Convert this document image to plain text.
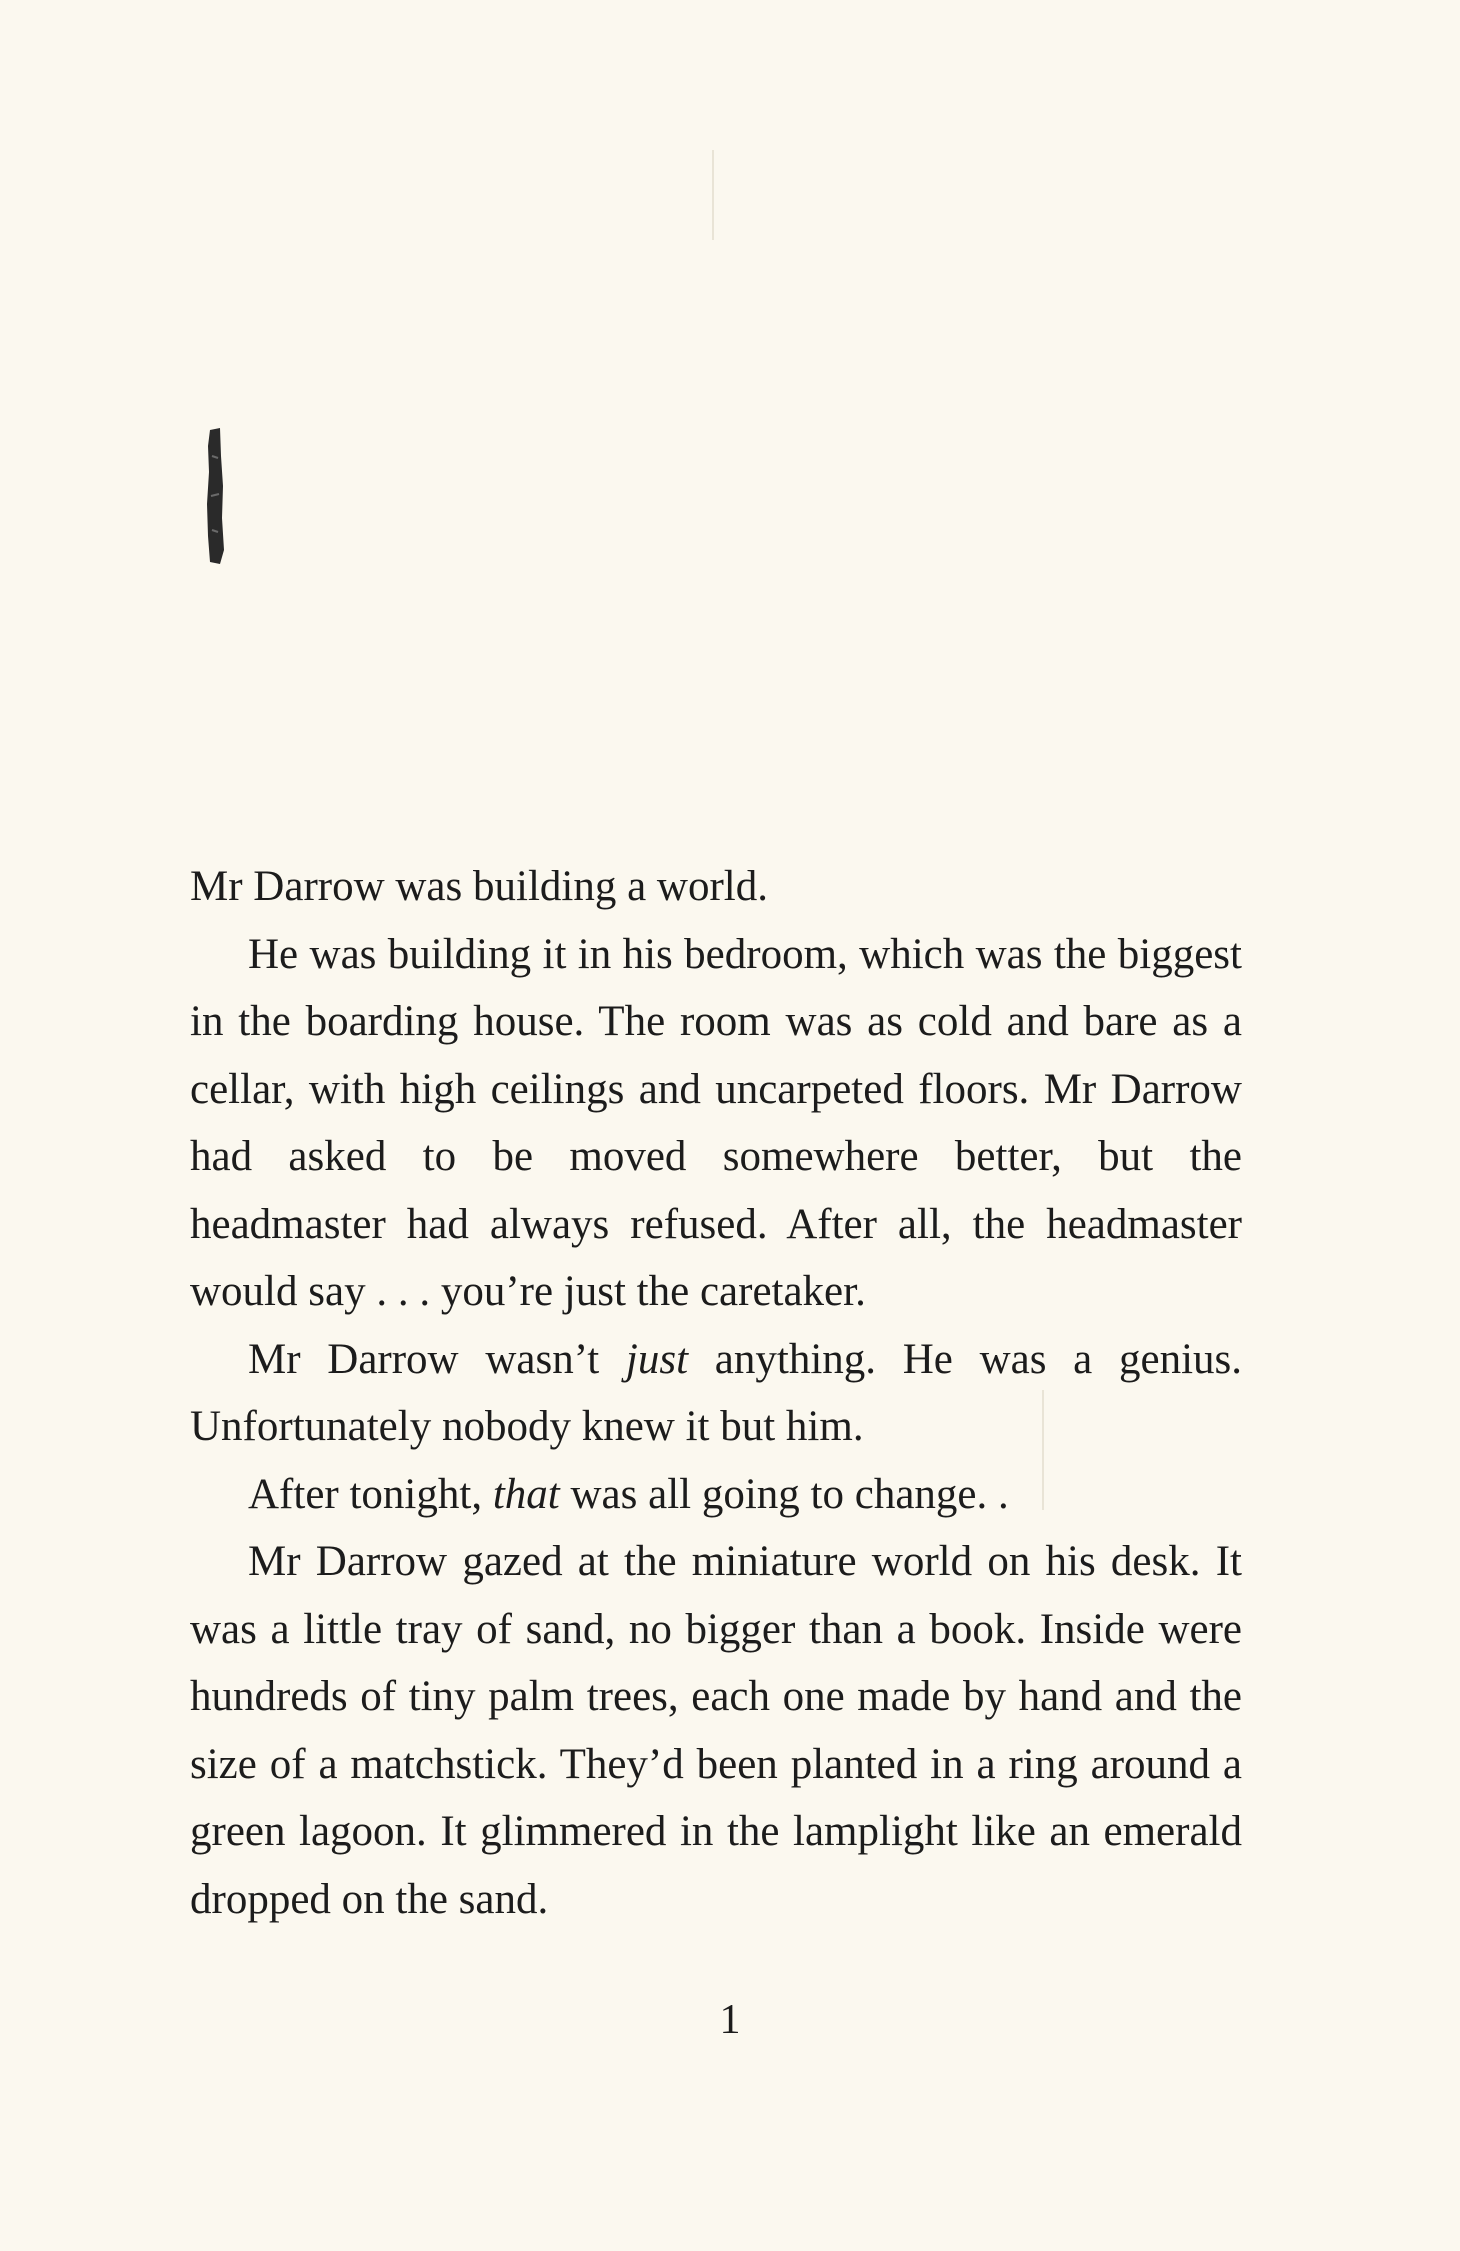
Mr Darrow was building a world.

He was building it in his bedroom, which was the biggest in the boarding house. The room was as cold and bare as a cellar, with high ceilings and uncarpeted floors. Mr Darrow had asked to be moved somewhere better, but the headmaster had always refused. After all, the headmaster would say . . . you’re just the caretaker.

Mr Darrow wasn’t just anything. He was a genius. Unfortunately nobody knew it but him.

After tonight, that was all going to change. .

Mr Darrow gazed at the miniature world on his desk. It was a little tray of sand, no bigger than a book. Inside were hundreds of tiny palm trees, each one made by hand and the size of a matchstick. They’d been planted in a ring around a green lagoon. It glimmered in the lamplight like an emerald dropped on the sand.

1
